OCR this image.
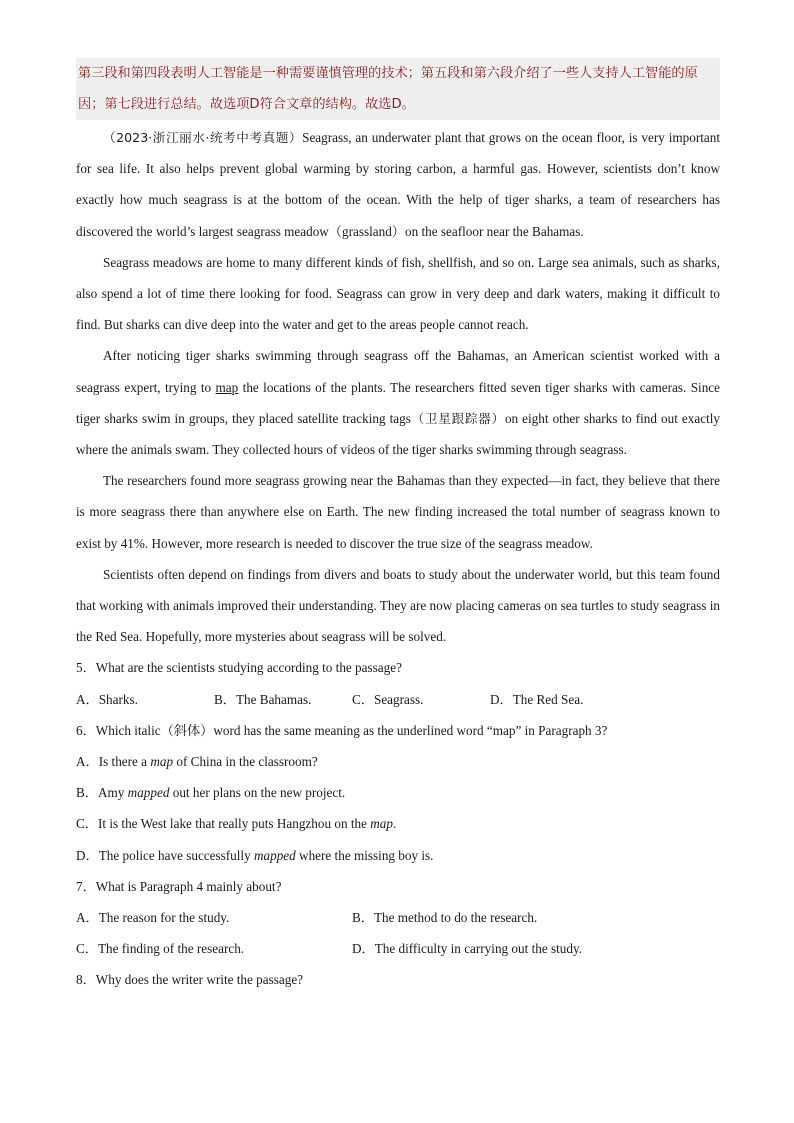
第三段和第四段表明人工智能是一种需要谨慎管理的技术；第五段和第六段介绍了一些人支持人工智能的原因；第七段进行总结。故选项D符合文章的结构。故选D。

（2023·浙江丽水·统考中考真题）Seagrass, an underwater plant that grows on the ocean floor, is very important for sea life. It also helps prevent global warming by storing carbon, a harmful gas. However, scientists don’t know exactly how much seagrass is at the bottom of the ocean. With the help of tiger sharks, a team of researchers has discovered the world’s largest seagrass meadow（grassland）on the seafloor near the Bahamas.

Seagrass meadows are home to many different kinds of fish, shellfish, and so on. Large sea animals, such as sharks, also spend a lot of time there looking for food. Seagrass can grow in very deep and dark waters, making it difficult to find. But sharks can dive deep into the water and get to the areas people cannot reach.

After noticing tiger sharks swimming through seagrass off the Bahamas, an American scientist worked with a seagrass expert, trying to map the locations of the plants. The researchers fitted seven tiger sharks with cameras. Since tiger sharks swim in groups, they placed satellite tracking tags（卫星跟踪器）on eight other sharks to find out exactly where the animals swam. They collected hours of videos of the tiger sharks swimming through seagrass.

The researchers found more seagrass growing near the Bahamas than they expected—in fact, they believe that there is more seagrass there than anywhere else on Earth. The new finding increased the total number of seagrass known to exist by 41%. However, more research is needed to discover the true size of the seagrass meadow.

Scientists often depend on findings from divers and boats to study about the underwater world, but this team found that working with animals improved their understanding. They are now placing cameras on sea turtles to study seagrass in the Red Sea. Hopefully, more mysteries about seagrass will be solved.

5．What are the scientists studying according to the passage?

A．Sharks.	B．The Bahamas.	C．Seagrass.	D．The Red Sea.

6．Which italic（斜体）word has the same meaning as the underlined word “map” in Paragraph 3?

A．Is there a map of China in the classroom?

B．Amy mapped out her plans on the new project.

C．It is the West lake that really puts Hangzhou on the map.

D．The police have successfully mapped where the missing boy is.

7．What is Paragraph 4 mainly about?

A．The reason for the study.	B．The method to do the research.
C．The finding of the research.	D．The difficulty in carrying out the study.

8．Why does the writer write the passage?
